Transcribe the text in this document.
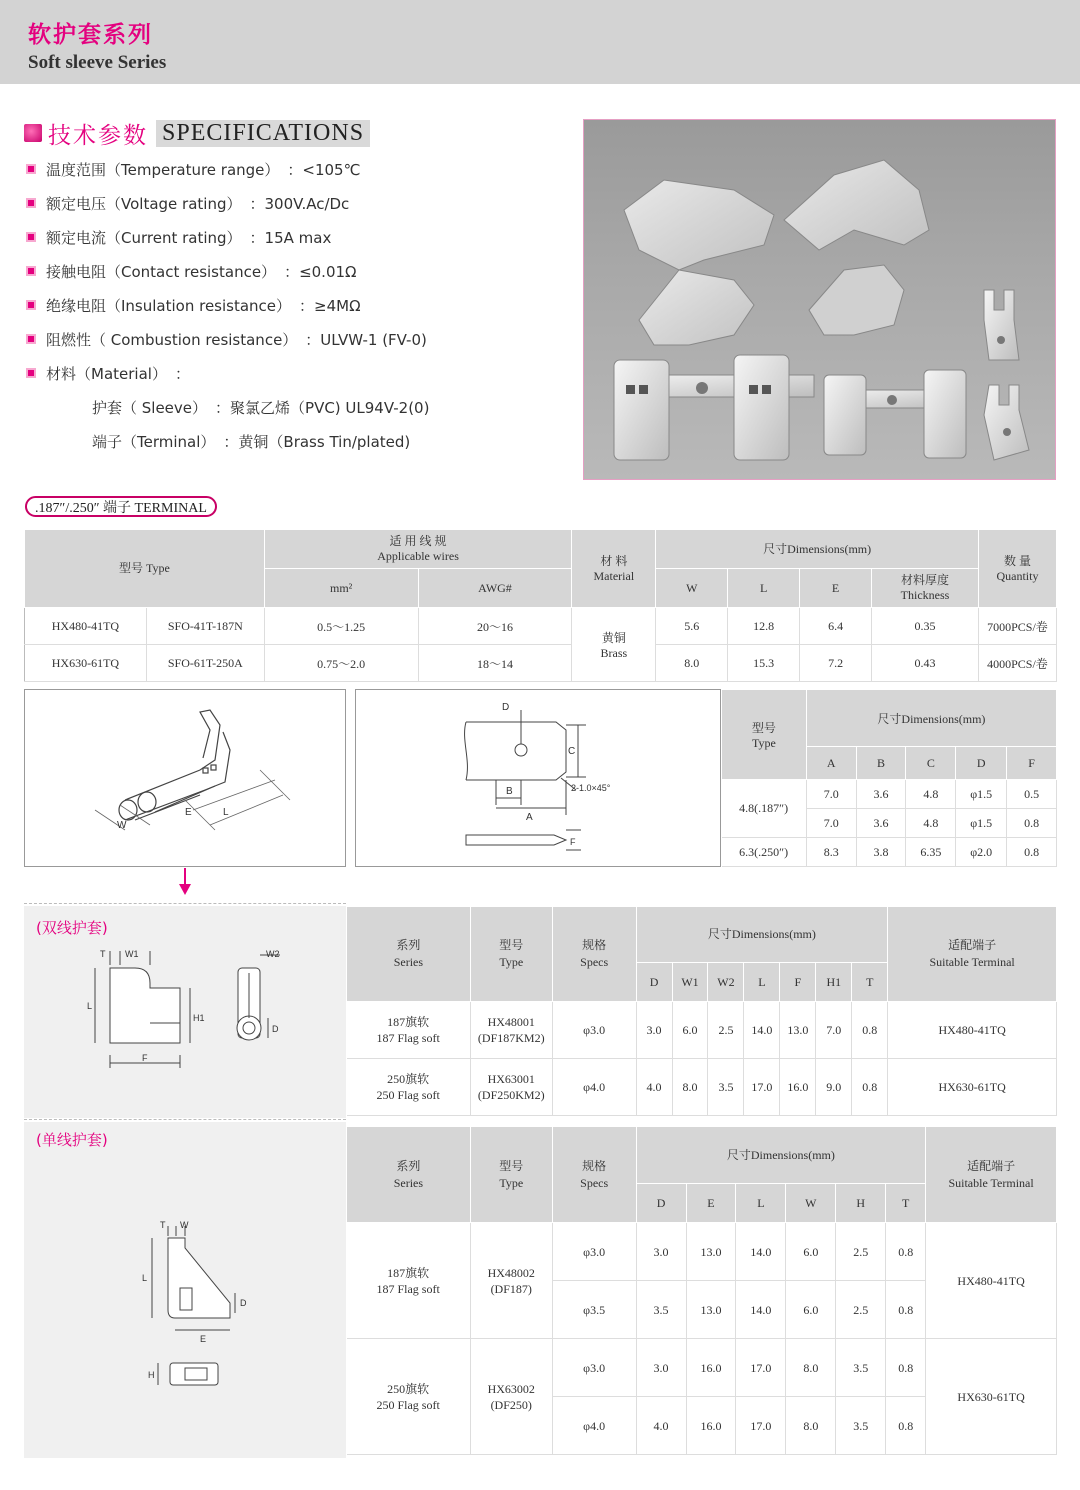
软护套系列
Soft sleeve Series
技术参数 SPECIFICATIONS
温度范围（Temperature range） ：<105℃
额定电压（Voltage rating） ：300V.Ac/Dc
额定电流（Current rating） ：15A max
接触电阻（Contact resistance） ：≤0.01Ω
绝缘电阻（Insulation resistance） ：≥4MΩ
阻燃性（ Combustion resistance） ：ULVW-1 (FV-0)
材料（Material） ：
护套（ Sleeve） ：聚氯乙烯（PVC) UL94V-2(0)
端子（Terminal） ：黄铜（Brass Tin/plated)
.187″/.250″ 端子 TERMINAL
型号 Type		适 用 线 规
Applicable wires		材 料
Material	尺寸Dimensions(mm)				数 量
Quantity
		mm²	AWG#		W	L	E	材料厚度
Thickness	
HX480-41TQ	SFO-41T-187N	0.5～1.25	20～16	黄铜
Brass	5.6	12.8	6.4	0.35	7000PCS/卷
HX630-61TQ	SFO-61T-250A	0.75～2.0	18～14		8.0	15.3	7.2	0.43	4000PCS/卷
W
E	L
D
C
B
A
2-1.0×45°
F
型号
Type	尺寸Dimensions(mm)				
	A	B	C	D	F
4.8(.187″)	7.0	3.6	4.8	φ1.5	0.5
	7.0	3.6	4.8	φ1.5	0.8
6.3(.250″)	8.3	3.8	6.35	φ2.0	0.8
(双线护套)
T W1	W2
L
H1
D
F
系列
Series	型号
Type	规格
Specs	尺寸Dimensions(mm)							适配端子
Suitable Terminal
			D	W1	W2	L	F	H1	T	
187旗软
187 Flag soft	HX48001
(DF187KM2)	φ3.0	3.0	6.0	2.5	14.0	13.0	7.0	0.8	HX480-41TQ
250旗软
250 Flag soft	HX63001
(DF250KM2)	φ4.0	4.0	8.0	3.5	17.0	16.0	9.0	0.8	HX630-61TQ
(单线护套)
T W
L
D
E
H
系列
Series	型号
Type	规格
Specs	尺寸Dimensions(mm)						适配端子
Suitable Terminal
			D	E	L	W	H	T	
187旗软
187 Flag soft	HX48002
(DF187)	φ3.0	3.0	13.0	14.0	6.0	2.5	0.8	HX480-41TQ
		φ3.5	3.5	13.0	14.0	6.0	2.5	0.8	
250旗软
250 Flag soft	HX63002
(DF250)	φ3.0	3.0	16.0	17.0	8.0	3.5	0.8	HX630-61TQ
		φ4.0	4.0	16.0	17.0	8.0	3.5	0.8	
